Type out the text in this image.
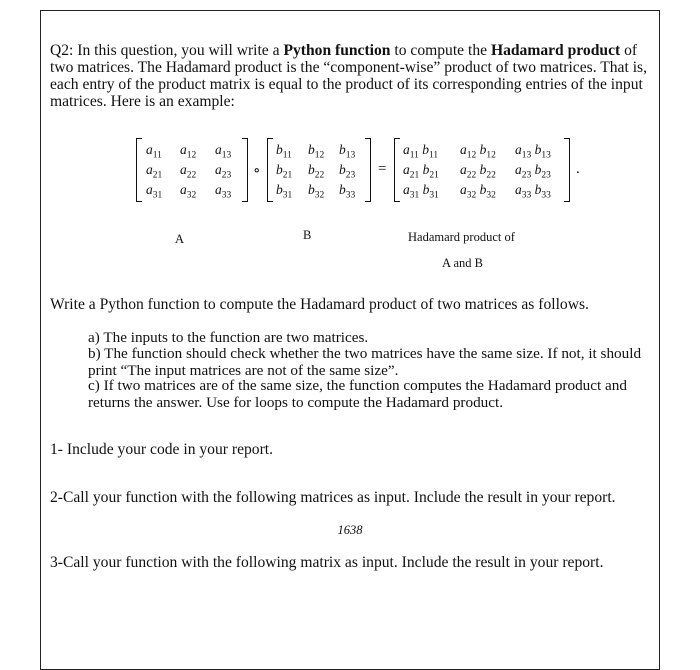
Q2: In this question, you will write a Python function to compute the Hadamard product of two matrices. The Hadamard product is the “component-wise” product of two matrices. That is, each entry of the product matrix is equal to the product of its corresponding entries of the input matrices. Here is an example:
$a_{11}$ $a_{12}$ $a_{13}$
$a_{21}$ $a_{22}$ $a_{23}$
$a_{31}$ $a_{32}$ $a_{33}$
∘
$b_{11}$ $b_{12}$ $b_{13}$
$b_{21}$ $b_{22}$ $b_{23}$
$b_{31}$ $b_{32}$ $b_{33}$
=
$a_{11}$ $b_{11}$ $a_{12}$ $b_{12}$ $a_{13}$ $b_{13}$
$a_{21}$ $b_{21}$ $a_{22}$ $b_{22}$ $a_{23}$ $b_{23}$
$a_{31}$ $b_{31}$ $a_{32}$ $b_{32}$ $a_{33}$ $b_{33}$
.
A	B	Hadamard product of
A and B
Write a Python function to compute the Hadamard product of two matrices as follows.
a) The inputs to the function are two matrices.
b) The function should check whether the two matrices have the same size. If not, it should print “The input matrices are not of the same size”.
c) If two matrices are of the same size, the function computes the Hadamard product and returns the answer. Use for loops to compute the Hadamard product.
1- Include your code in your report.
2-Call your function with the following matrices as input. Include the result in your report.
1638
3-Call your function with the following matrix as input. Include the result in your report.
